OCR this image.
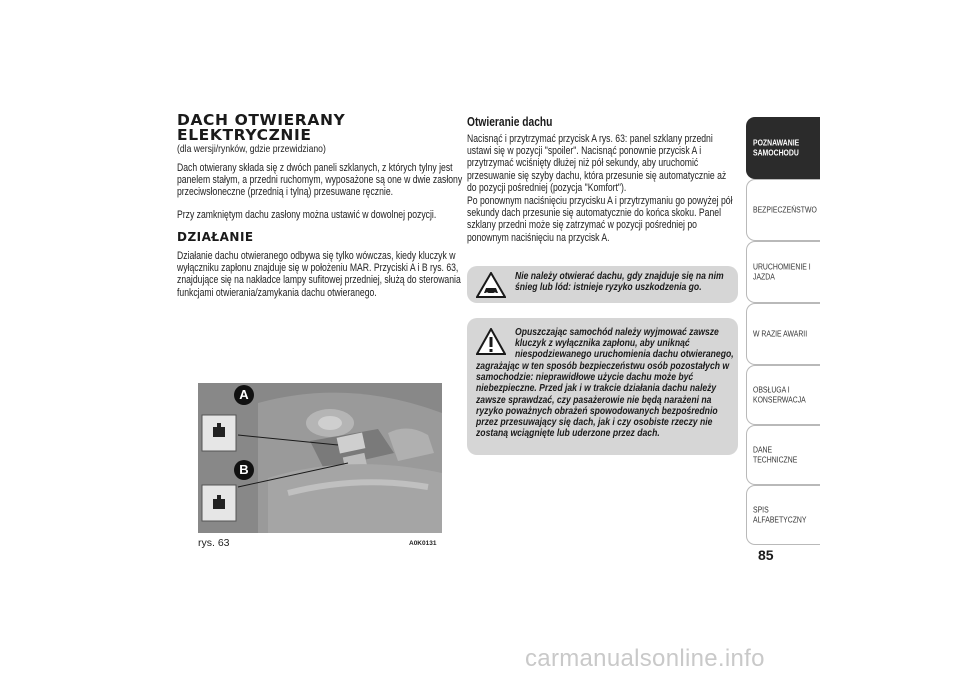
DACH OTWIERANY ELEKTRYCZNIE
(dla wersji/rynków, gdzie przewidziano)
Dach otwierany składa się z dwóch paneli szklanych, z których tylny jest panelem stałym, a przedni ruchomym, wyposażone są one w dwie zasłony przeciwsłoneczne (przednią i tylną) przesuwane ręcznie.
Przy zamkniętym dachu zasłony można ustawić w dowolnej pozycji.
DZIAŁANIE
Działanie dachu otwieranego odbywa się tylko wówczas, kiedy kluczyk w wyłączniku zapłonu znajduje się w położeniu MAR. Przyciski A i B rys. 63, znajdujące się na nakładce lampy sufitowej przedniej, służą do sterowania funkcjami otwierania/zamykania dachu otwieranego.
A
B
rys. 63	A0K0131
Otwieranie dachu
Nacisnąć i przytrzymać przycisk A rys. 63: panel szklany przedni ustawi się w pozycji "spoiler". Nacisnąć ponownie przycisk A i przytrzymać wciśnięty dłużej niż pół sekundy, aby uruchomić przesuwanie się szyby dachu, która przesunie się automatycznie aż do pozycji pośredniej (pozycja "Komfort").
Po ponownym naciśnięciu przycisku A i przytrzymaniu go powyżej pół sekundy dach przesunie się automatycznie do końca skoku. Panel szklany przedni może się zatrzymać w pozycji pośredniej po ponownym naciśnięciu na przycisk A.
Nie należy otwierać dachu, gdy znajduje się na nim śnieg lub lód: istnieje ryzyko uszkodzenia go.
Opuszczając samochód należy wyjmować zawsze kluczyk z wyłącznika zapłonu, aby uniknąć niespodziewanego uruchomienia dachu otwieranego,
zagrażając w ten sposób bezpieczeństwu osób pozostałych w samochodzie: nieprawidłowe użycie dachu może być niebezpieczne. Przed jak i w trakcie działania dachu należy zawsze sprawdzać, czy pasażerowie nie będą narażeni na ryzyko poważnych obrażeń spowodowanych bezpośrednio przez przesuwający się dach, jak i czy osobiste rzeczy nie zostaną wciągnięte lub uderzone przez dach.
POZNAWANIE SAMOCHODU
BEZPIECZEŃSTWO
URUCHOMIENIE I JAZDA
W RAZIE AWARII
OBSŁUGA I KONSERWACJA
DANE TECHNICZNE
SPIS ALFABETYCZNY
85
carmanualsonline.info
